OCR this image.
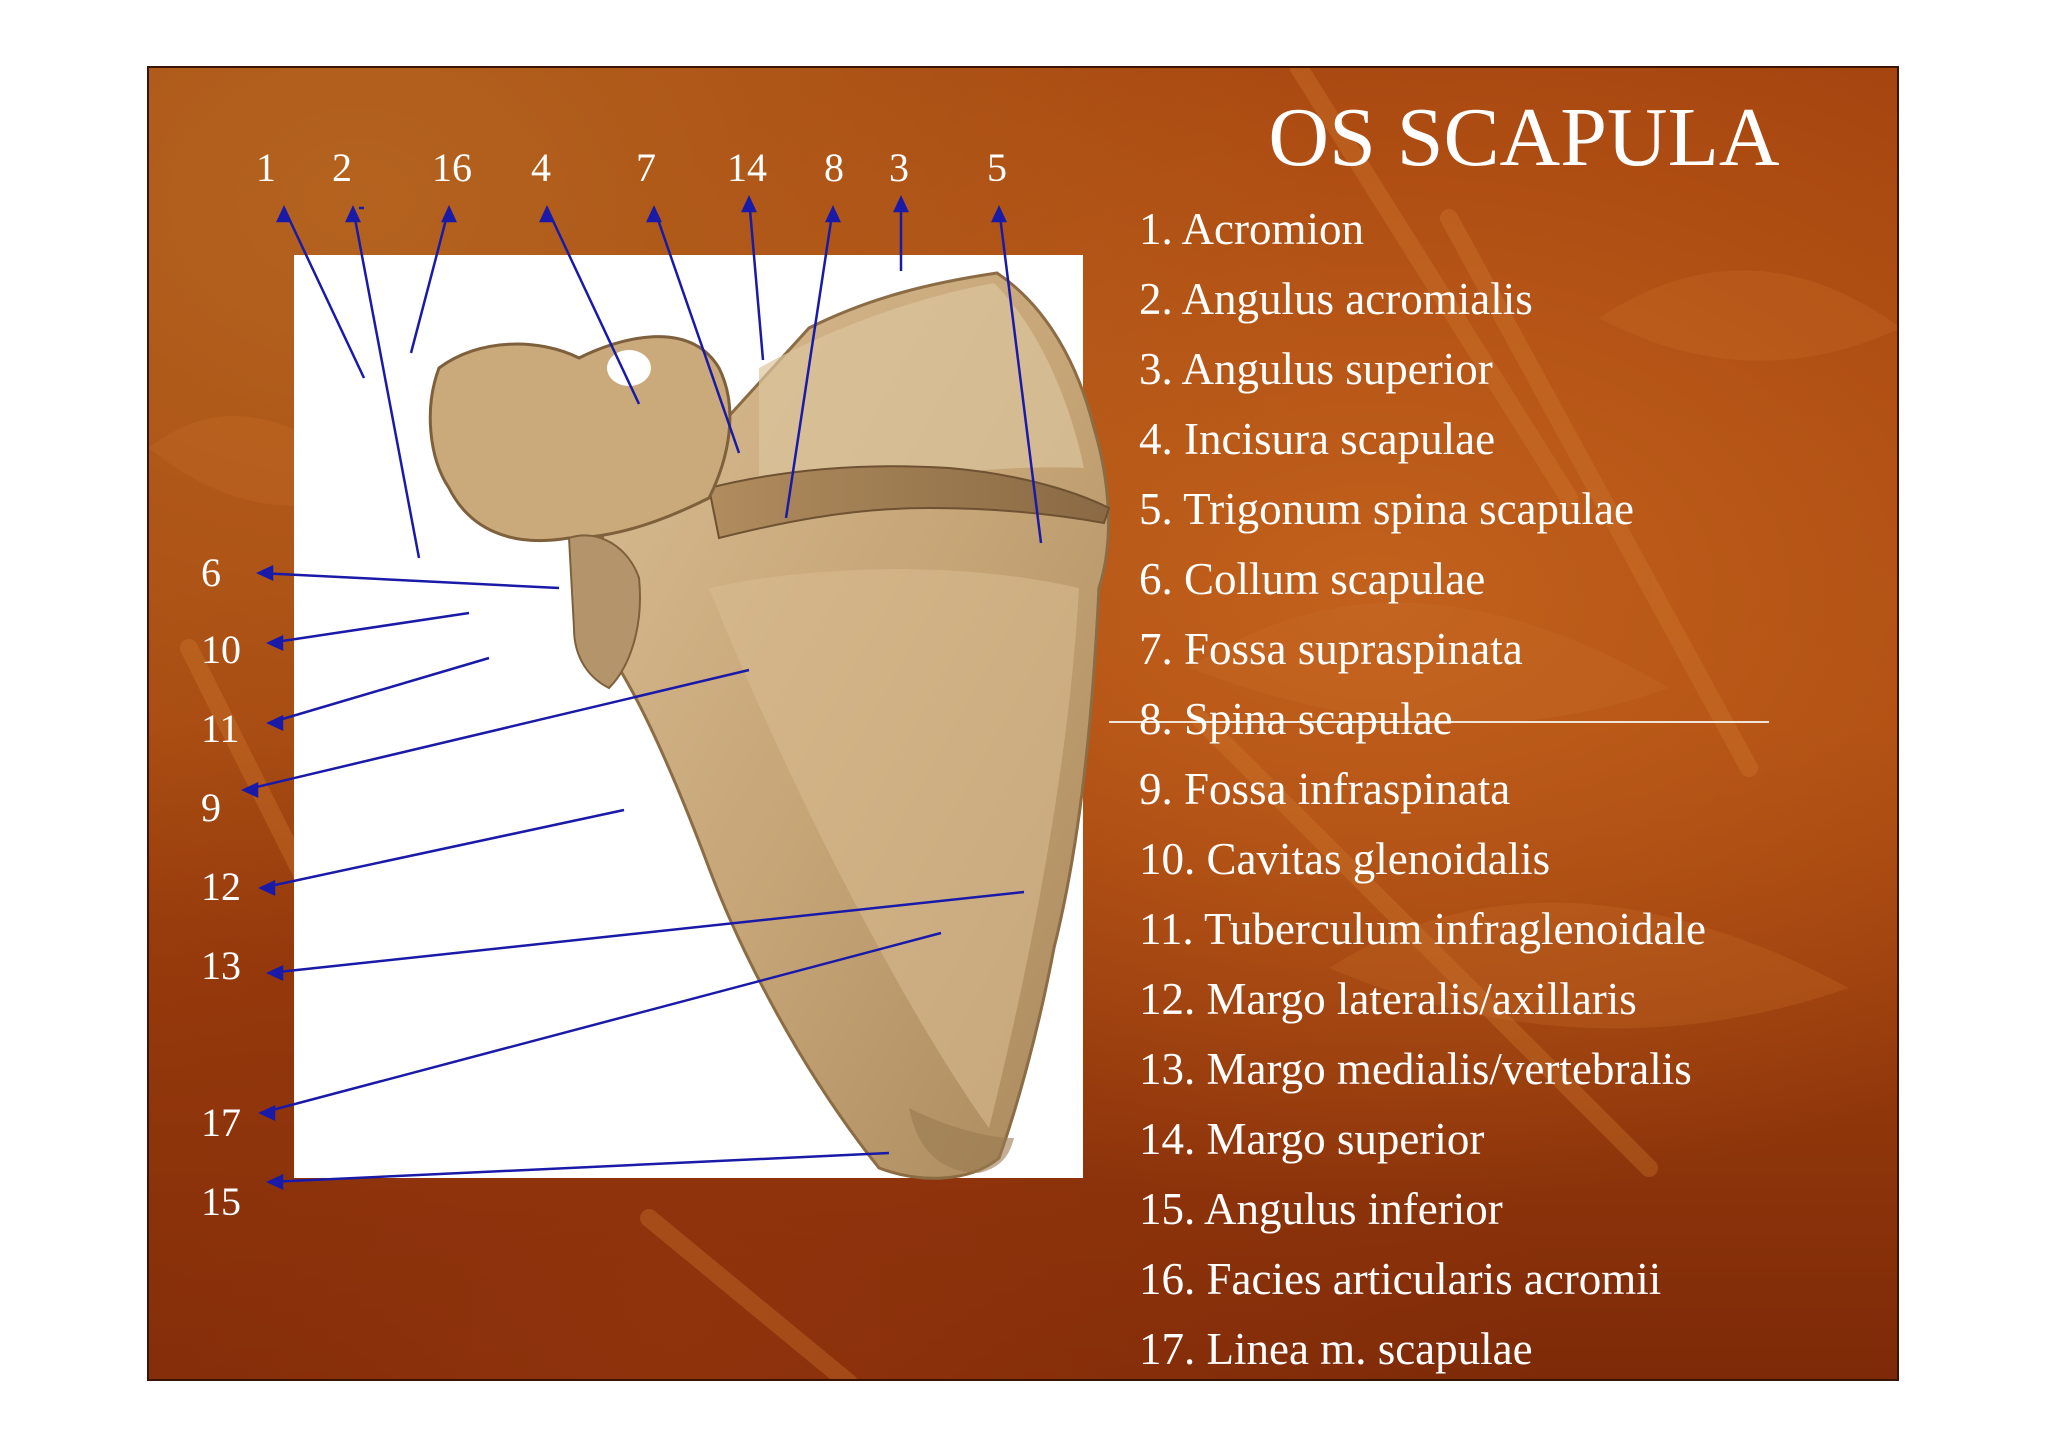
1 2 16 4 7 14 8 3 5
6
10
11
9
12
13
17
15
OS SCAPULA
1. Acromion
2. Angulus acromialis
3. Angulus superior
4. Incisura scapulae
5. Trigonum spina scapulae
6. Collum scapulae
7. Fossa supraspinata
8. Spina scapulae
9. Fossa infraspinata
10. Cavitas glenoidalis
11. Tuberculum infraglenoidale
12. Margo lateralis/axillaris
13. Margo medialis/vertebralis
14. Margo superior
15. Angulus inferior
16. Facies articularis acromii
17. Linea m. scapulae
